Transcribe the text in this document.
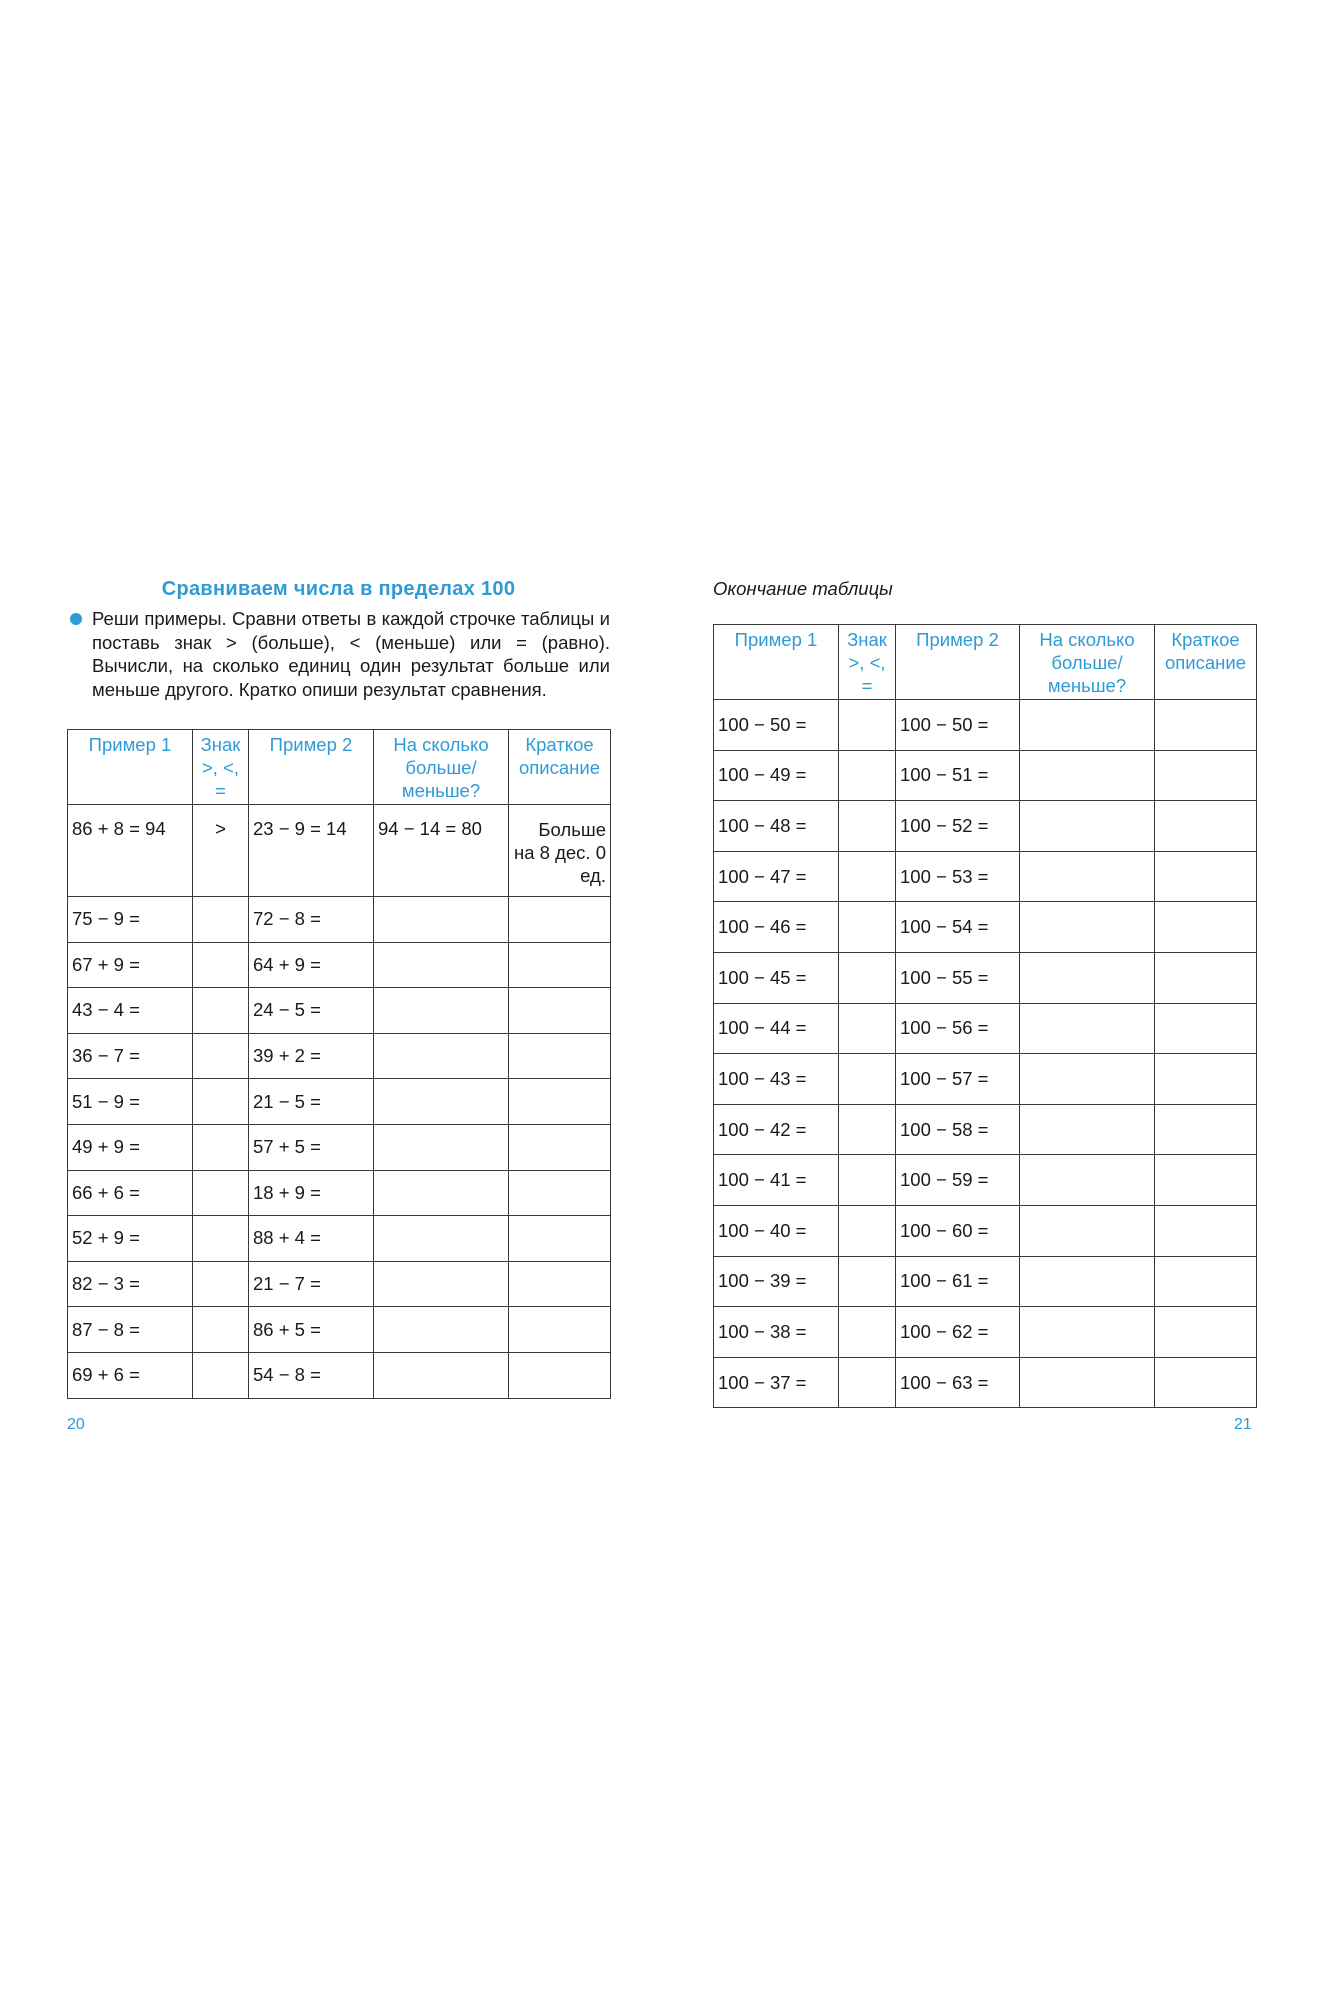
Сравниваем числа в пределах 100
Реши примеры. Сравни ответы в каждой строчке таблицы и поставь знак > (больше), < (меньше) или = (равно). Вычисли, на сколько единиц один результат больше или меньше другого. Кратко опиши результат сравнения.
Пример 1	Знак >, <, =	Пример 2	На сколько больше/ меньше?	Краткое описание
86 + 8 = 94	>	23 − 9 = 14	94 − 14 = 80	Больше на 8 дес. 0 ед.
75 − 9 =		72 − 8 =		
67 + 9 =		64 + 9 =		
43 − 4 =		24 − 5 =		
36 − 7 =		39 + 2 =		
51 − 9 =		21 − 5 =		
49 + 9 =		57 + 5 =		
66 + 6 =		18 + 9 =		
52 + 9 =		88 + 4 =		
82 − 3 =		21 − 7 =		
87 − 8 =		86 + 5 =		
69 + 6 =		54 − 8 =		
20

Окончание таблицы

Пример 1	Знак >, <, =	Пример 2	На сколько больше/ меньше?	Краткое описание
100 − 50 =		100 − 50 =		
100 − 49 =		100 − 51 =		
100 − 48 =		100 − 52 =		
100 − 47 =		100 − 53 =		
100 − 46 =		100 − 54 =		
100 − 45 =		100 − 55 =		
100 − 44 =		100 − 56 =		
100 − 43 =		100 − 57 =		
100 − 42 =		100 − 58 =		
100 − 41 =		100 − 59 =		
100 − 40 =		100 − 60 =		
100 − 39 =		100 − 61 =		
100 − 38 =		100 − 62 =		
100 − 37 =		100 − 63 =		
21
